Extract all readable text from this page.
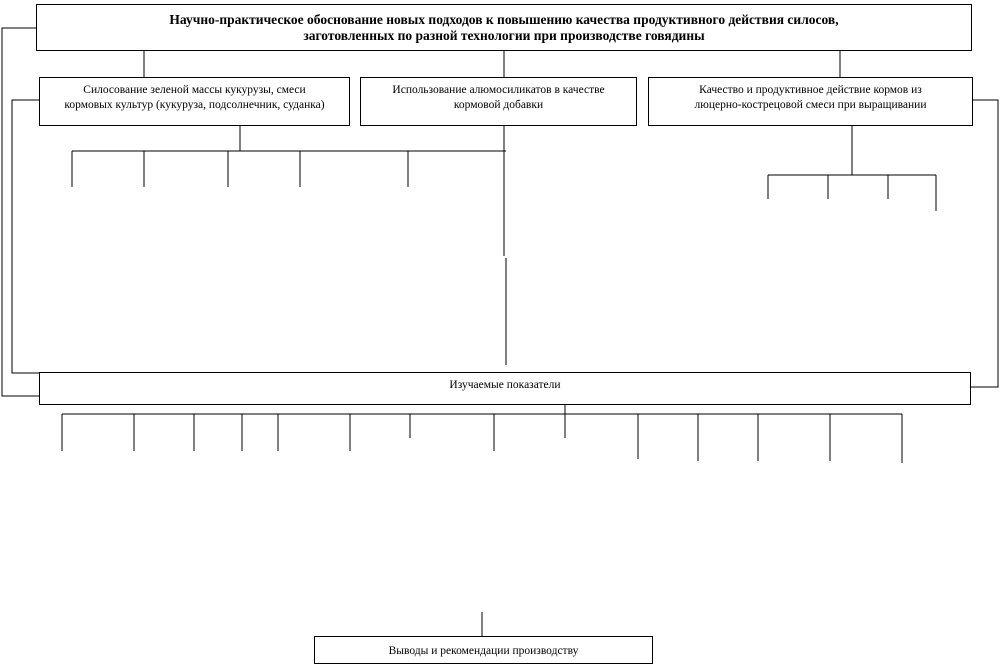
Научно-практическое обоснование новых подходов к повышению качества продуктивного действия силосов,
заготовленных по разной технологии при производстве говядины
Силосование зеленой массы кукурузы, смеси
кормовых культур (кукуруза, подсолнечник, суданка)
Использование алюмосиликатов в качестве
кормовой добавки
Качество и продуктивное действие кормов из
люцерно-кострецовой смеси при выращивании
Изучаемые показатели
Выводы и рекомендации производству
